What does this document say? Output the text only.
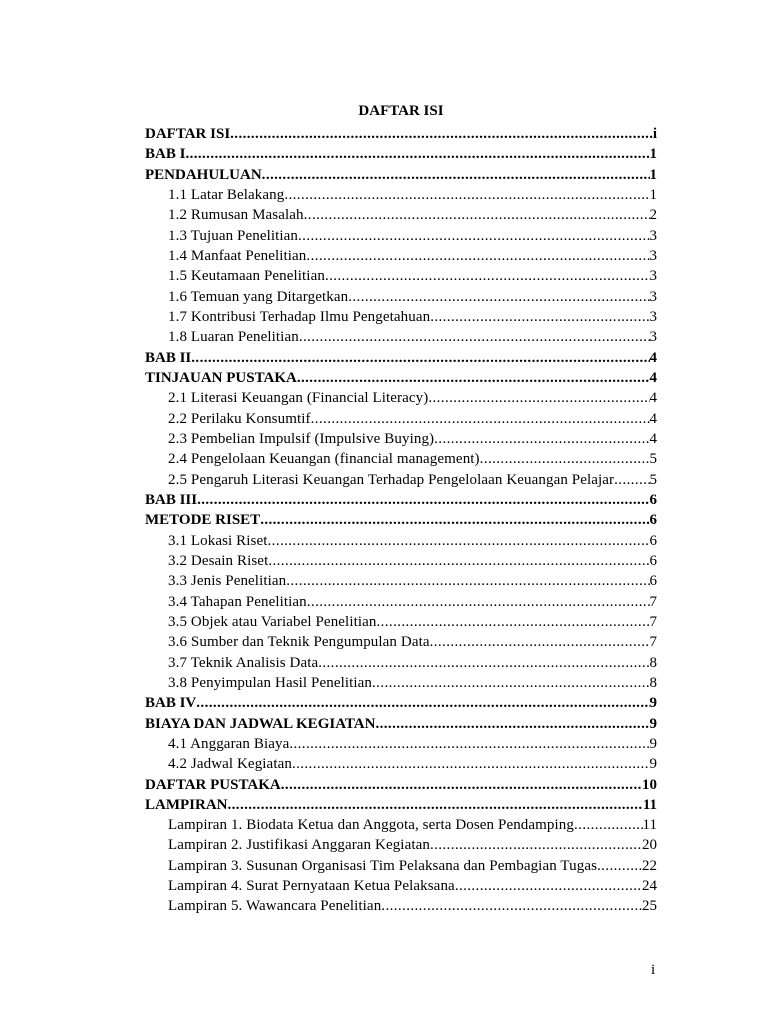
DAFTAR ISI
DAFTAR ISI .....	i
BAB I .....	1
PENDAHULUAN .....	1
1.1 Latar Belakang .....	1
1.2 Rumusan Masalah .....	2
1.3 Tujuan Penelitian .....	3
1.4 Manfaat Penelitian .....	3
1.5 Keutamaan Penelitian .....	3
1.6 Temuan yang Ditargetkan .....	3
1.7 Kontribusi Terhadap Ilmu Pengetahuan .....	3
1.8 Luaran Penelitian .....	3
BAB II .....	4
TINJAUAN PUSTAKA .....	4
2.1 Literasi Keuangan (Financial Literacy) .....	4
2.2 Perilaku Konsumtif .....	4
2.3 Pembelian Impulsif (Impulsive Buying) .....	4
2.4 Pengelolaan Keuangan (financial management) .....	5
2.5 Pengaruh Literasi Keuangan Terhadap Pengelolaan Keuangan Pelajar ..... 5
BAB III .....	6
METODE RISET .....	6
3.1 Lokasi Riset .....	6
3.2 Desain Riset .....	6
3.3 Jenis Penelitian .....	6
3.4 Tahapan Penelitian .....	7
3.5 Objek atau Variabel Penelitian .....	7
3.6 Sumber dan Teknik Pengumpulan Data .....	7
3.7 Teknik Analisis Data .....	8
3.8 Penyimpulan Hasil Penelitian .....	8
BAB IV .....	9
BIAYA DAN JADWAL KEGIATAN .....	9
4.1 Anggaran Biaya .....	9
4.2 Jadwal Kegiatan .....	9
DAFTAR PUSTAKA .....	10
LAMPIRAN .....	11
Lampiran 1. Biodata Ketua dan Anggota, serta Dosen Pendamping .....	11
Lampiran 2. Justifikasi Anggaran Kegiatan .....	20
Lampiran 3. Susunan Organisasi Tim Pelaksana dan Pembagian Tugas .....	22
Lampiran 4. Surat Pernyataan Ketua Pelaksana .....	24
Lampiran 5. Wawancara Penelitian .....	25
i
